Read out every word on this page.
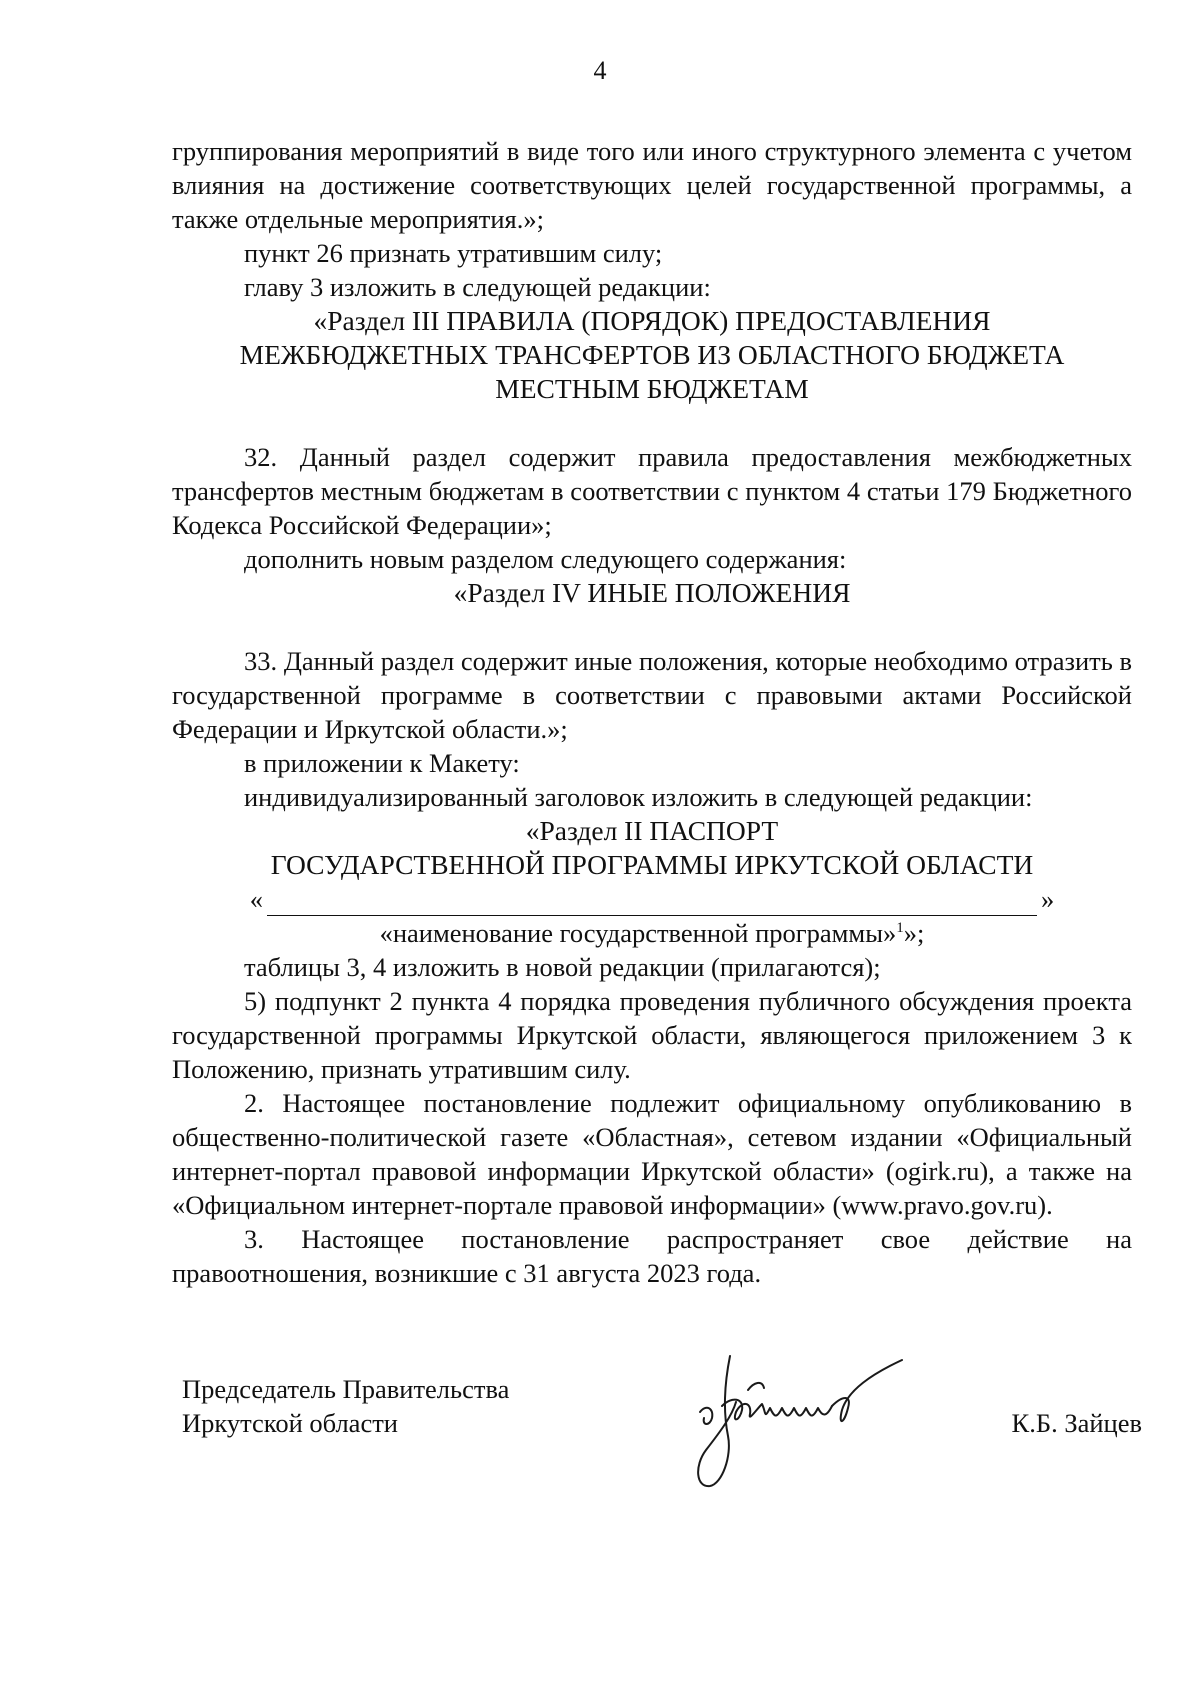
4

группирования мероприятий в виде того или иного структурного элемента с учетом влияния на достижение соответствующих целей государственной программы, а также отдельные мероприятия.»;

пункт 26 признать утратившим силу;

главу 3 изложить в следующей редакции:

«Раздел III ПРАВИЛА (ПОРЯДОК) ПРЕДОСТАВЛЕНИЯ

МЕЖБЮДЖЕТНЫХ ТРАНСФЕРТОВ ИЗ ОБЛАСТНОГО БЮДЖЕТА

МЕСТНЫМ БЮДЖЕТАМ

32. Данный раздел содержит правила предоставления межбюджетных трансфертов местным бюджетам в соответствии с пунктом 4 статьи 179 Бюджетного Кодекса Российской Федерации»;

дополнить новым разделом следующего содержания:

«Раздел IV ИНЫЕ ПОЛОЖЕНИЯ

33. Данный раздел содержит иные положения, которые необходимо отразить в государственной программе в соответствии с правовыми актами Российской Федерации и Иркутской области.»;

в приложении к Макету:

индивидуализированный заголовок изложить в следующей редакции:

«Раздел II ПАСПОРТ

ГОСУДАРСТВЕННОЙ ПРОГРАММЫ ИРКУТСКОЙ ОБЛАСТИ

«	»

«наименование государственной программы»$^1$»;

таблицы 3, 4 изложить в новой редакции (прилагаются);

5) подпункт 2 пункта 4 порядка проведения публичного обсуждения проекта государственной программы Иркутской области, являющегося приложением 3 к Положению, признать утратившим силу.

2. Настоящее постановление подлежит официальному опубликованию в общественно-политической газете «Областная», сетевом издании «Официальный интернет-портал правовой информации Иркутской области» (ogirk.ru), а также на «Официальном интернет-портале правовой информации» (www.pravo.gov.ru).

3. Настоящее постановление распространяет свое действие на правоотношения, возникшие с 31 августа 2023 года.

Председатель Правительства
Иркутской области	К.Б. Зайцев
